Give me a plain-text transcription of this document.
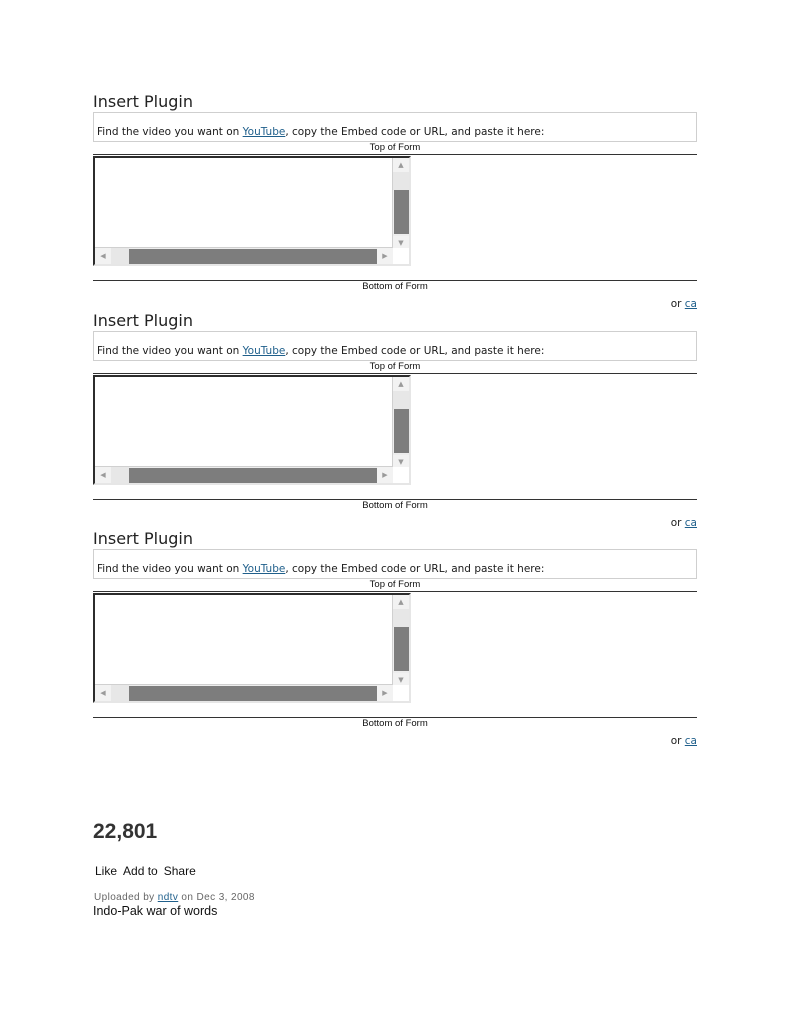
Insert Plugin
Find the video you want on YouTube, copy the Embed code or URL, and paste it here:
Top of Form
▲
▼
◀	▶
Bottom of Form
or ca
Insert Plugin
Find the video you want on YouTube, copy the Embed code or URL, and paste it here:
Top of Form
▲
▼
◀	▶
Bottom of Form
or ca
Insert Plugin
Find the video you want on YouTube, copy the Embed code or URL, and paste it here:
Top of Form
▲
▼
◀	▶
Bottom of Form
or ca
22,801
Like Add to Share
Uploaded by ndtv on Dec 3, 2008
Indo-Pak war of words
